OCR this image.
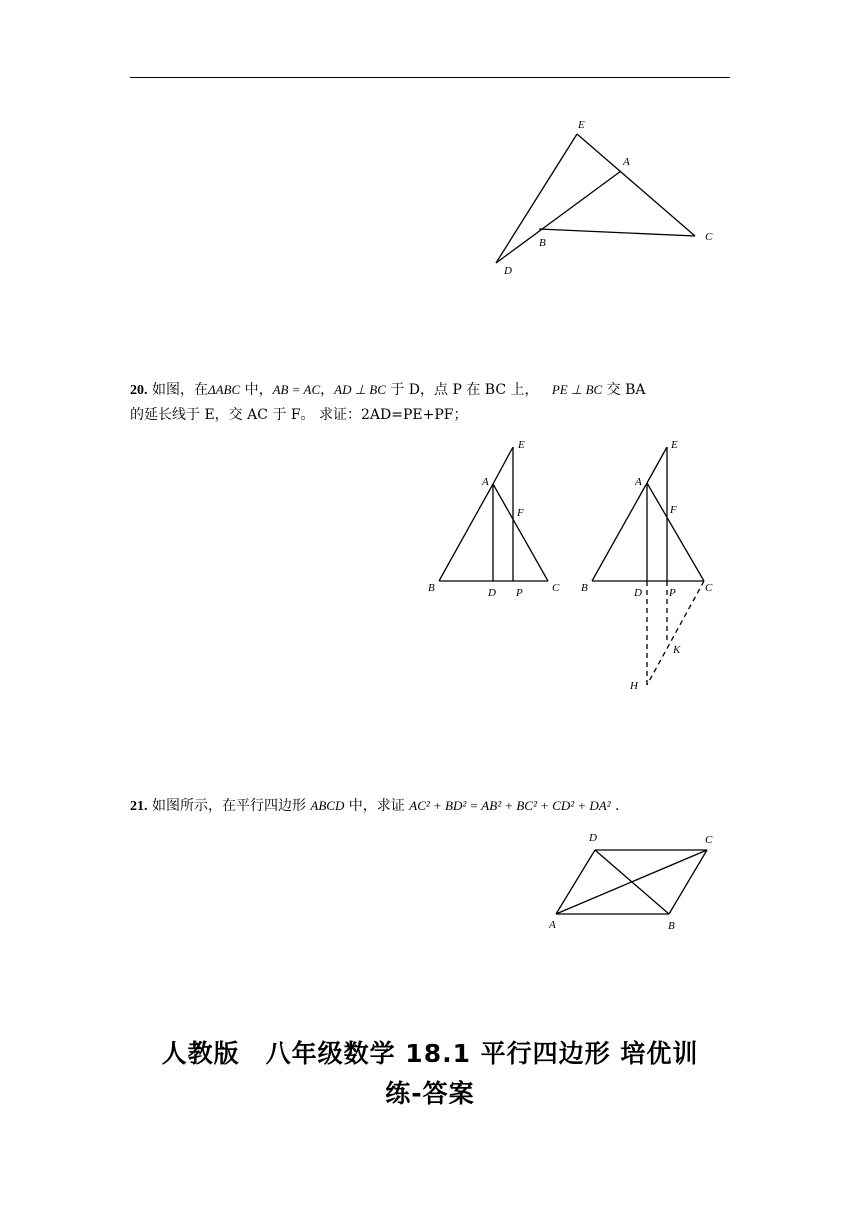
E
A
B	C
D
20. 如图，在ΔABC 中，AB = AC，AD ⊥ BC 于 D，点 P 在 BC 上， PE ⊥ BC 交 BA
的延长线于 E，交 AC 于 F。 求证：2AD=PE+PF；
E
A
F
B	D P	C
E
A
F
B	D P	C
K
H
21. 如图所示，在平行四边形 ABCD 中，求证 AC² + BD² = AB² + BC² + CD² + DA² .
D	C
A	B
人教版　八年级数学 18.1 平行四边形 培优训
练-答案
